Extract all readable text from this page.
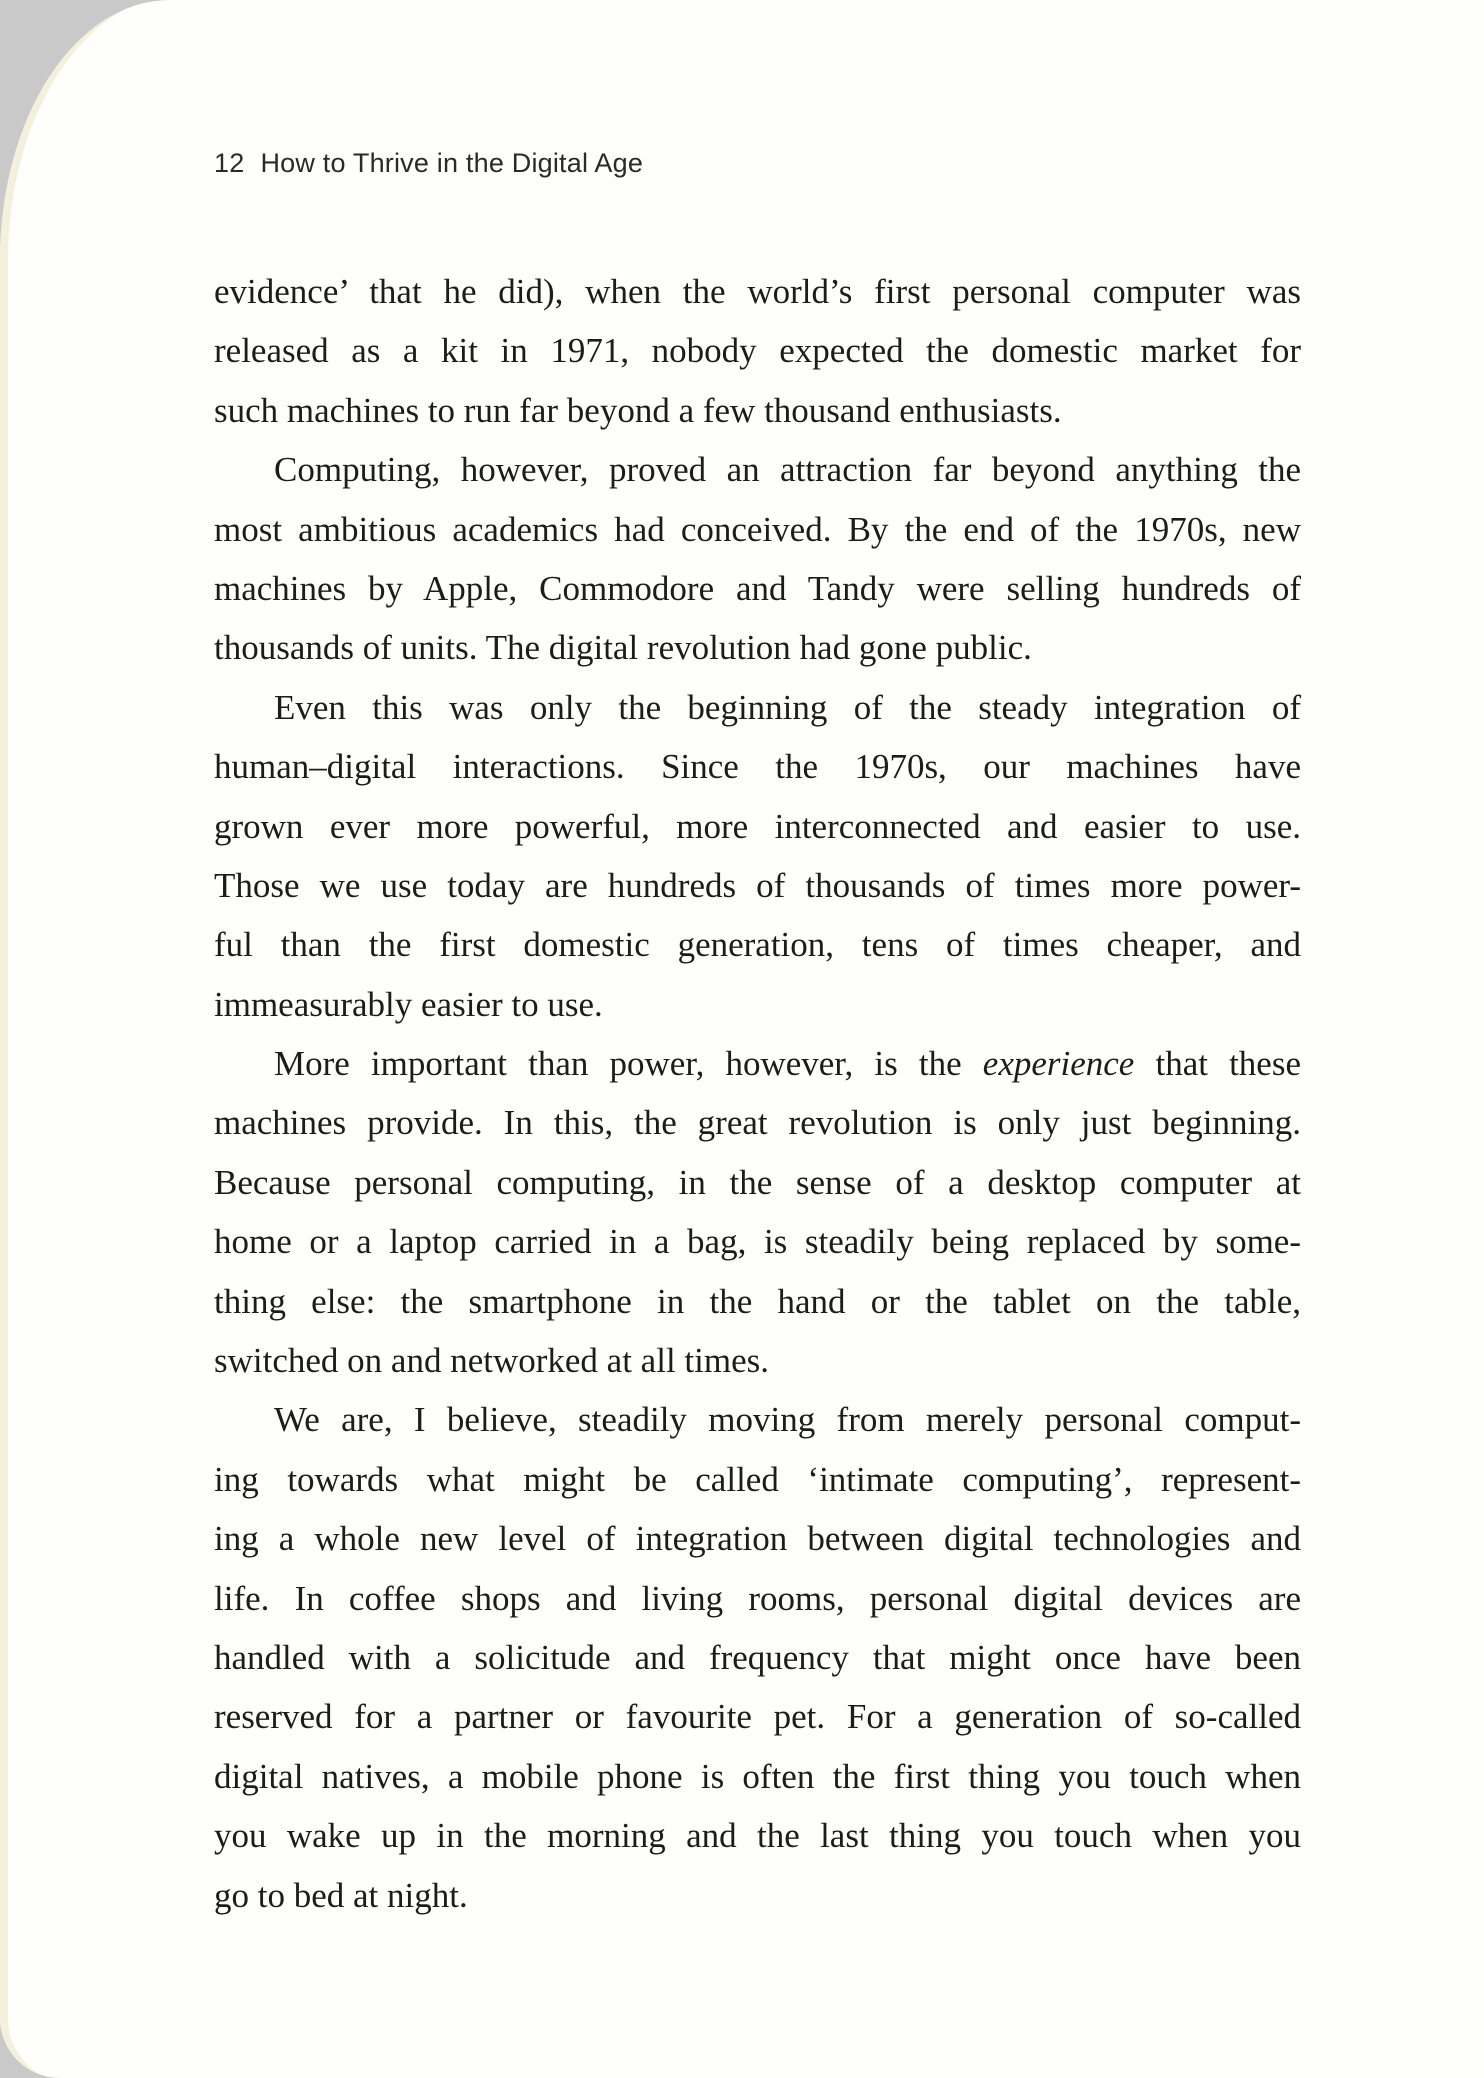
12 How to Thrive in the Digital Age
evidence’ that he did), when the world’s first personal computer was
released as a kit in 1971, nobody expected the domestic market for
such machines to run far beyond a few thousand enthusiasts.
Computing, however, proved an attraction far beyond anything the
most ambitious academics had conceived. By the end of the 1970s, new
machines by Apple, Commodore and Tandy were selling hundreds of
thousands of units. The digital revolution had gone public.
Even this was only the beginning of the steady integration of
human–digital interactions. Since the 1970s, our machines have
grown ever more powerful, more interconnected and easier to use.
Those we use today are hundreds of thousands of times more power-
ful than the first domestic generation, tens of times cheaper, and
immeasurably easier to use.
More important than power, however, is the experience that these
machines provide. In this, the great revolution is only just beginning.
Because personal computing, in the sense of a desktop computer at
home or a laptop carried in a bag, is steadily being replaced by some-
thing else: the smartphone in the hand or the tablet on the table,
switched on and networked at all times.
We are, I believe, steadily moving from merely personal comput-
ing towards what might be called ‘intimate computing’, represent-
ing a whole new level of integration between digital technologies and
life. In coffee shops and living rooms, personal digital devices are
handled with a solicitude and frequency that might once have been
reserved for a partner or favourite pet. For a generation of so-called
digital natives, a mobile phone is often the first thing you touch when
you wake up in the morning and the last thing you touch when you
go to bed at night.
